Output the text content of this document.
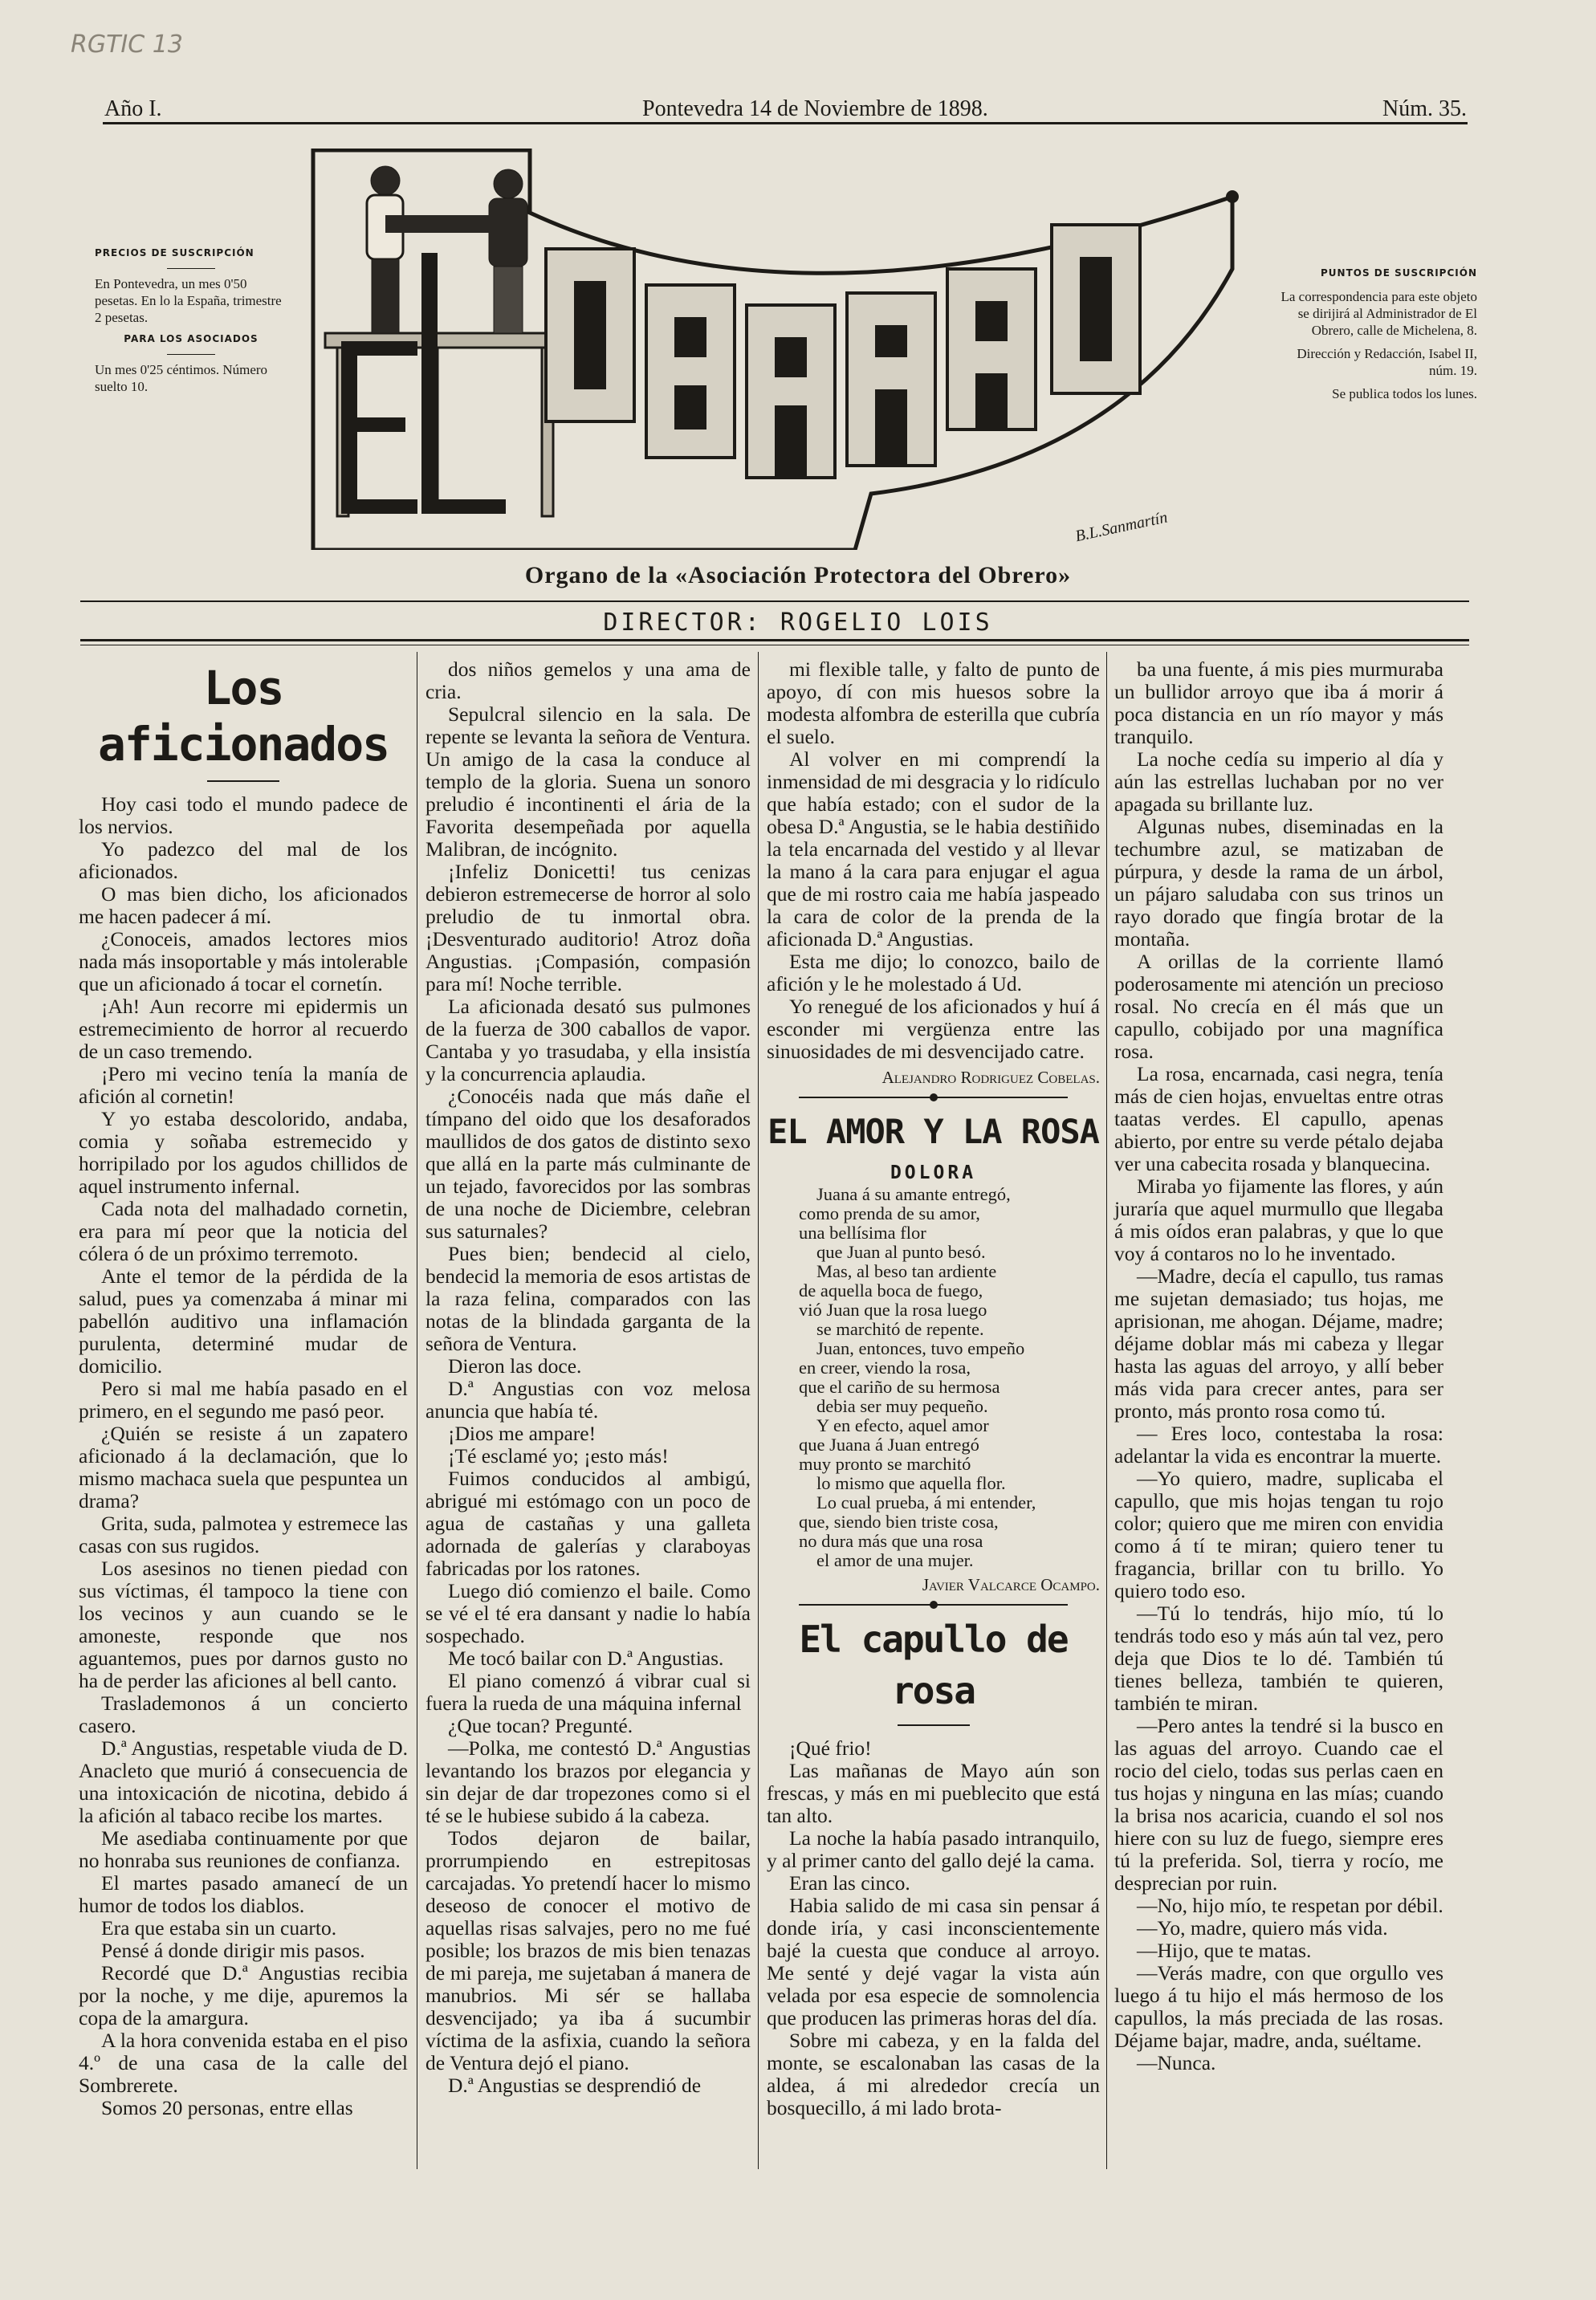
RGTIC 13
Año I.	Pontevedra 14 de Noviembre de 1898.	Núm. 35.
PRECIOS DE SUSCRIPCIÓN
En Pontevedra, un mes 0'50 pesetas. En lo la España, trimestre 2 pesetas.
PARA LOS ASOCIADOS
Un mes 0'25 céntimos. Número suelto 10.
PUNTOS DE SUSCRIPCIÓN
La correspondencia para este objeto se dirijirá al Administrador de El Obrero, calle de Michelena, 8.
Dirección y Redacción, Isabel II, núm. 19.
Se publica todos los lunes.
B.L.Sanmartín
Organo de la «Asociación Protectora del Obrero»
DIRECTOR: ROGELIO LOIS

Los aficionados

Hoy casi todo el mundo padece de los nervios.

Yo padezco del mal de los aficionados.

O mas bien dicho, los aficionados me hacen padecer á mí.

¿Conoceis, amados lectores mios nada más insoportable y más intolerable que un aficionado á tocar el cornetín.

¡Ah! Aun recorre mi epidermis un estremecimiento de horror al recuerdo de un caso tremendo.

¡Pero mi vecino tenía la manía de afición al cornetin!

Y yo estaba descolorido, andaba, comia y soñaba estremecido y horripilado por los agudos chillidos de aquel instrumento infernal.

Cada nota del malhadado cornetin, era para mí peor que la noticia del cólera ó de un próximo terremoto.

Ante el temor de la pérdida de la salud, pues ya comenzaba á minar mi pabellón auditivo una inflamación purulenta, determiné mudar de domicilio.

Pero si mal me había pasado en el primero, en el segundo me pasó peor.

¿Quién se resiste á un zapatero aficionado á la declamación, que lo mismo machaca suela que pespuntea un drama?

Grita, suda, palmotea y estremece las casas con sus rugidos.

Los asesinos no tienen piedad con sus víctimas, él tampoco la tiene con los vecinos y aun cuando se le amoneste, responde que nos aguantemos, pues por darnos gusto no ha de perder las aficiones al bell canto.

Traslademonos á un concierto casero.

D.ª Angustias, respetable viuda de D. Anacleto que murió á consecuencia de una intoxicación de nicotina, debido á la afición al tabaco recibe los martes.

Me asediaba continuamente por que no honraba sus reuniones de confianza.

El martes pasado amanecí de un humor de todos los diablos.

Era que estaba sin un cuarto.

Pensé á donde dirigir mis pasos.

Recordé que D.ª Angustias recibia por la noche, y me dije, apuremos la copa de la amargura.

A la hora convenida estaba en el piso 4.º de una casa de la calle del Sombrerete.

Somos 20 personas, entre ellas

dos niños gemelos y una ama de cria.

Sepulcral silencio en la sala. De repente se levanta la señora de Ventura. Un amigo de la casa la conduce al templo de la gloria. Suena un sonoro preludio é incontinenti el ária de la Favorita desempeñada por aquella Malibran, de incógnito.

¡Infeliz Donicetti! tus cenizas debieron estremecerse de horror al solo preludio de tu inmortal obra. ¡Desventurado auditorio! Atroz doña Angustias. ¡Compasión, compasión para mí! Noche terrible.

La aficionada desató sus pulmones de la fuerza de 300 caballos de vapor. Cantaba y yo trasudaba, y ella insistía y la concurrencia aplaudia.

¿Conocéis nada que más dañe el tímpano del oido que los desaforados maullidos de dos gatos de distinto sexo que allá en la parte más culminante de un tejado, favorecidos por las sombras de una noche de Diciembre, celebran sus saturnales?

Pues bien; bendecid al cielo, bendecid la memoria de esos artistas de la raza felina, comparados con las notas de la blindada garganta de la señora de Ventura.

Dieron las doce.

D.ª Angustias con voz melosa anuncia que había té.

¡Dios me ampare!

¡Té esclamé yo; ¡esto más!

Fuimos conducidos al ambigú, abrigué mi estómago con un poco de agua de castañas y una galleta adornada de galerías y claraboyas fabricadas por los ratones.

Luego dió comienzo el baile. Como se vé el té era dansant y nadie lo había sospechado.

Me tocó bailar con D.ª Angustias.

El piano comenzó á vibrar cual si fuera la rueda de una máquina infernal

¿Que tocan? Pregunté.

—Polka, me contestó D.ª Angustias levantando los brazos por elegancia y sin dejar de dar tropezones como si el té se le hubiese subido á la cabeza.

Todos dejaron de bailar, prorrumpiendo en estrepitosas carcajadas. Yo pretendí hacer lo mismo deseoso de conocer el motivo de aquellas risas salvajes, pero no me fué posible; los brazos de mis bien tenazas de mi pareja, me sujetaban á manera de manubrios. Mi sér se hallaba desvencijado; ya iba á sucumbir víctima de la asfixia, cuando la señora de Ventura dejó el piano.

D.ª Angustias se desprendió de

mi flexible talle, y falto de punto de apoyo, dí con mis huesos sobre la modesta alfombra de esterilla que cubría el suelo.

Al volver en mi comprendí la inmensidad de mi desgracia y lo ridículo que había estado; con el sudor de la obesa D.ª Angustia, se le habia destiñido la tela encarnada del vestido y al llevar la mano á la cara para enjugar el agua que de mi rostro caia me había jaspeado la cara de color de la prenda de la aficionada D.ª Angustias.

Esta me dijo; lo conozco, bailo de afición y le he molestado á Ud.

Yo renegué de los aficionados y huí á esconder mi vergüenza entre las sinuosidades de mi desvencijado catre.

Alejandro Rodriguez Cobelas.

EL AMOR Y LA ROSA

DOLORA

Juana á su amante entregó,

como prenda de su amor,

una bellísima flor

que Juan al punto besó.

Mas, al beso tan ardiente

de aquella boca de fuego,

vió Juan que la rosa luego

se marchitó de repente.

Juan, entonces, tuvo empeño

en creer, viendo la rosa,

que el cariño de su hermosa

debia ser muy pequeño.

Y en efecto, aquel amor

que Juana á Juan entregó

muy pronto se marchitó

lo mismo que aquella flor.

Lo cual prueba, á mi entender,

que, siendo bien triste cosa,

no dura más que una rosa

el amor de una mujer.

Javier Valcarce Ocampo.

El capullo de rosa

¡Qué frio!

Las mañanas de Mayo aún son frescas, y más en mi pueblecito que está tan alto.

La noche la había pasado intranquilo, y al primer canto del gallo dejé la cama.

Eran las cinco.

Habia salido de mi casa sin pensar á donde iría, y casi inconscientemente bajé la cuesta que conduce al arroyo. Me senté y dejé vagar la vista aún velada por esa especie de somnolencia que producen las primeras horas del día.

Sobre mi cabeza, y en la falda del monte, se escalonaban las casas de la aldea, á mi alrededor crecía un bosquecillo, á mi lado brota-

ba una fuente, á mis pies murmuraba un bullidor arroyo que iba á morir á poca distancia en un río mayor y más tranquilo.

La noche cedía su imperio al día y aún las estrellas luchaban por no ver apagada su brillante luz.

Algunas nubes, diseminadas en la techumbre azul, se matizaban de púrpura, y desde la rama de un árbol, un pájaro saludaba con sus trinos un rayo dorado que fingía brotar de la montaña.

A orillas de la corriente llamó poderosamente mi atención un precioso rosal. No crecía en él más que un capullo, cobijado por una magnífica rosa.

La rosa, encarnada, casi negra, tenía más de cien hojas, envueltas entre otras taatas verdes. El capullo, apenas abierto, por entre su verde pétalo dejaba ver una cabecita rosada y blanquecina.

Miraba yo fijamente las flores, y aún juraría que aquel murmullo que llegaba á mis oídos eran palabras, y que lo que voy á contaros no lo he inventado.

—Madre, decía el capullo, tus ramas me sujetan demasiado; tus hojas, me aprisionan, me ahogan. Déjame, madre; déjame doblar más mi cabeza y llegar hasta las aguas del arroyo, y allí beber más vida para crecer antes, para ser pronto, más pronto rosa como tú.

— Eres loco, contestaba la rosa: adelantar la vida es encontrar la muerte.

—Yo quiero, madre, suplicaba el capullo, que mis hojas tengan tu rojo color; quiero que me miren con envidia como á tí te miran; quiero tener tu fragancia, brillar con tu brillo. Yo quiero todo eso.

—Tú lo tendrás, hijo mío, tú lo tendrás todo eso y más aún tal vez, pero deja que Dios te lo dé. También tú tienes belleza, también te quieren, también te miran.

—Pero antes la tendré si la busco en las aguas del arroyo. Cuando cae el rocio del cielo, todas sus perlas caen en tus hojas y ninguna en las mías; cuando la brisa nos acaricia, cuando el sol nos hiere con su luz de fuego, siempre eres tú la preferida. Sol, tierra y rocío, me desprecian por ruin.

—No, hijo mío, te respetan por débil.

—Yo, madre, quiero más vida.

—Hijo, que te matas.

—Verás madre, con que orgullo ves luego á tu hijo el más hermoso de los capullos, la más preciada de las rosas. Déjame bajar, madre, anda, suéltame.

—Nunca.
